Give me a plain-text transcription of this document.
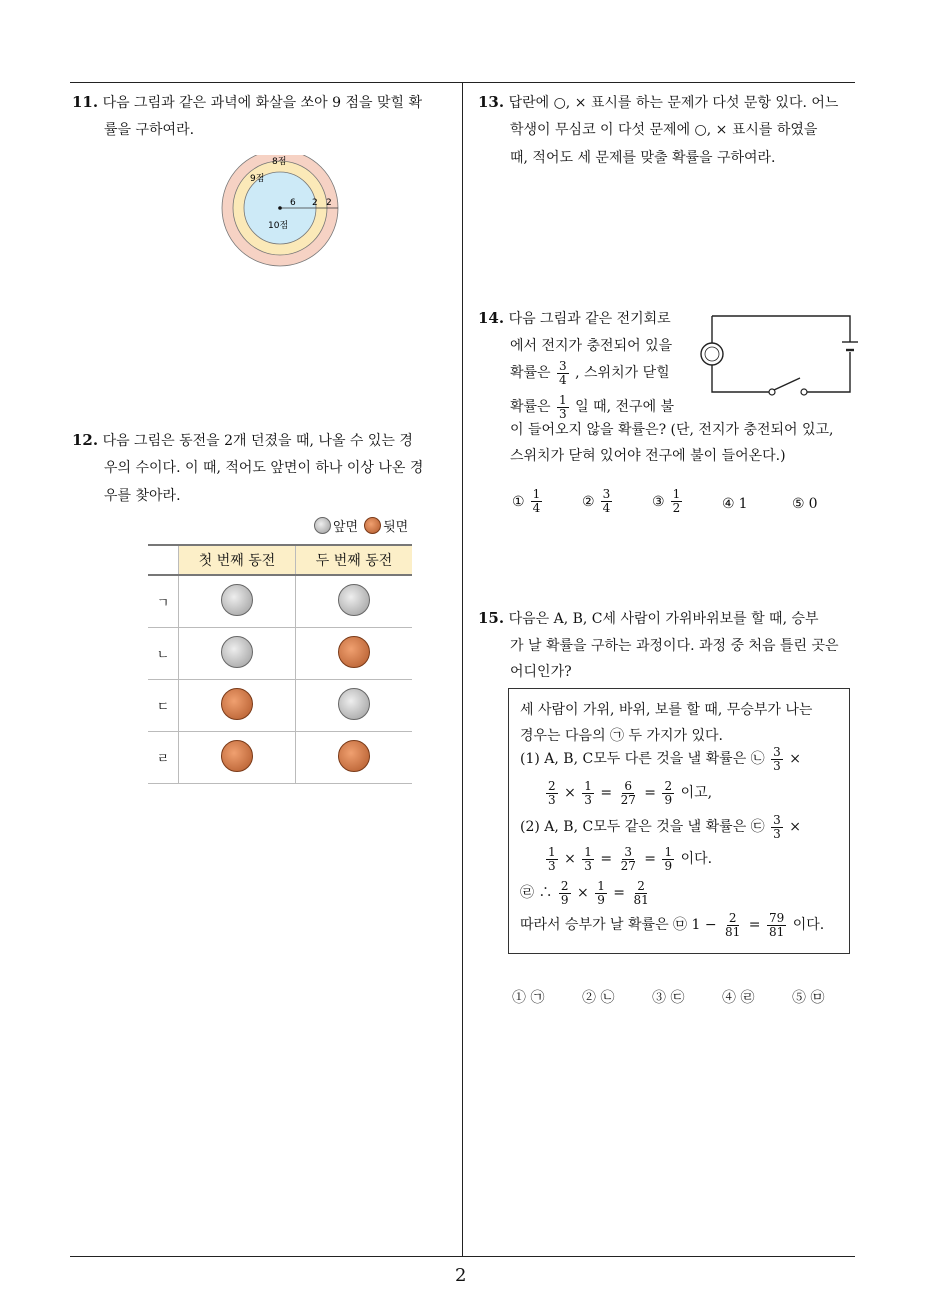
2
11. 다음 그림과 같은 과녁에 화살을 쏘아 9 점을 맞힐 확
률을 구하여라.
8점
9점
10점
6 2 2
12. 다음 그림은 동전을 2개 던졌을 때, 나올 수 있는 경
우의 수이다. 이 때, 적어도 앞면이 하나 이상 나온 경
우를 찾아라.
앞면 뒷면
	첫 번째 동전	두 번째 동전
ㄱ		
ㄴ		
ㄷ		
ㄹ		
13. 답란에 ○, × 표시를 하는 문제가 다섯 문항 있다. 어느
학생이 무심코 이 다섯 문제에 ○, × 표시를 하였을
때, 적어도 세 문제를 맞출 확률을 구하여라.
14. 다음 그림과 같은 전기회로
에서 전지가 충전되어 있을
확률은 $\frac{3}{4}$ , 스위치가 닫힐
확률은 $\frac{1}{3}$ 일 때, 전구에 불
이 들어오지 않을 확률은? (단, 전지가 충전되어 있고,
스위치가 닫혀 있어야 전구에 불이 들어온다.)
① $\frac{1}{4}$	② $\frac{3}{4}$	③ $\frac{1}{2}$	④ 1	⑤ 0
15. 다음은 A, B, C세 사람이 가위바위보를 할 때, 승부
가 날 확률을 구하는 과정이다. 과정 중 처음 틀린 곳은
어디인가?
세 사람이 가위, 바위, 보를 할 때, 무승부가 나는
경우는 다음의 ㉠ 두 가지가 있다.
(1) A, B, C모두 다른 것을 낼 확률은 ㉡ $\frac{3}{3}$ ×
$\frac{2}{3} \times \frac{1}{3} = \frac{6}{27} = \frac{2}{9}$ 이고,
(2) A, B, C모두 같은 것을 낼 확률은 ㉢ $\frac{3}{3}$ ×
$\frac{1}{3} \times \frac{1}{3} = \frac{3}{27} = \frac{1}{9}$ 이다.
㉣ ∴ $\frac{2}{9} \times \frac{1}{9} = \frac{2}{81}$
따라서 승부가 날 확률은 ㉤ $1 - \frac{2}{81} = \frac{79}{81}$ 이다.
① ㉠	② ㉡	③ ㉢	④ ㉣	⑤ ㉤
